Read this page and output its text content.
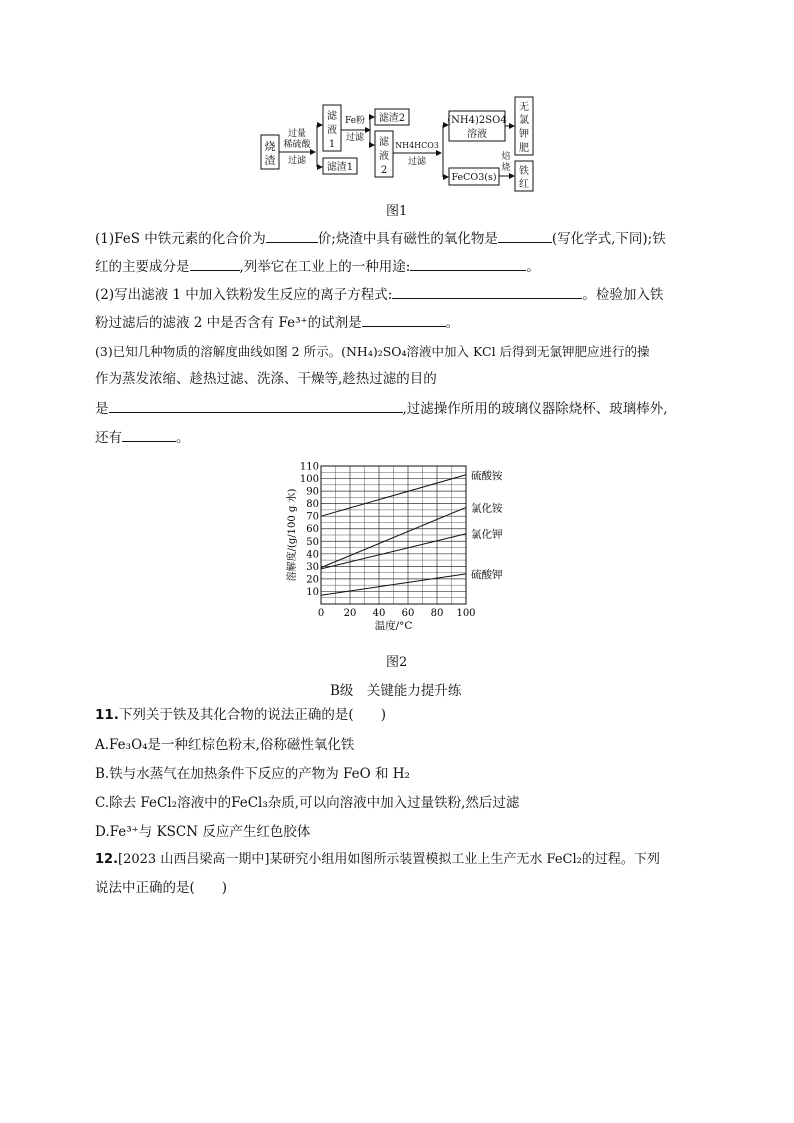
烧
渣
过量
稀硫酸
过滤
滤
液
1
滤渣1
Fe粉
过滤
滤渣2
滤
液
2
NH4HCO3
过滤
(NH4)2SO4
溶液
FeCO3(s)
焙
烧
无
氯
钾
肥
铁
红
图1
(1)FeS 中铁元素的化合价为	价;烧渣中具有磁性的氧化物是	(写化学式,下同);铁
红的主要成分是	,列举它在工业上的一种用途:	。
(2)写出滤液 1 中加入铁粉发生反应的离子方程式:	。检验加入铁
粉过滤后的滤液 2 中是否含有 Fe³⁺的试剂是	。
(3)已知几种物质的溶解度曲线如图 2 所示。(NH₄)₂SO₄溶液中加入 KCl 后得到无氯钾肥应进行的操
作为蒸发浓缩、趁热过滤、洗涤、干燥等,趁热过滤的目的
是	,过滤操作所用的玻璃仪器除烧杯、玻璃棒外,
还有	。
10
20
30
40
50
60
70
80
90
100
110
0 20 40 60 80 100
温度/°C
溶解度/(g/100 g 水)
硫酸铵
氯化铵
氯化钾
硫酸钾
图2
B级　关键能力提升练
11.下列关于铁及其化合物的说法正确的是(　　)
A.Fe₃O₄是一种红棕色粉末,俗称磁性氧化铁
B.铁与水蒸气在加热条件下反应的产物为 FeO 和 H₂
C.除去 FeCl₂溶液中的FeCl₃杂质,可以向溶液中加入过量铁粉,然后过滤
D.Fe³⁺与 KSCN 反应产生红色胶体
12.[2023 山西吕梁高一期中]某研究小组用如图所示装置模拟工业上生产无水 FeCl₂的过程。下列
说法中正确的是(　　)
